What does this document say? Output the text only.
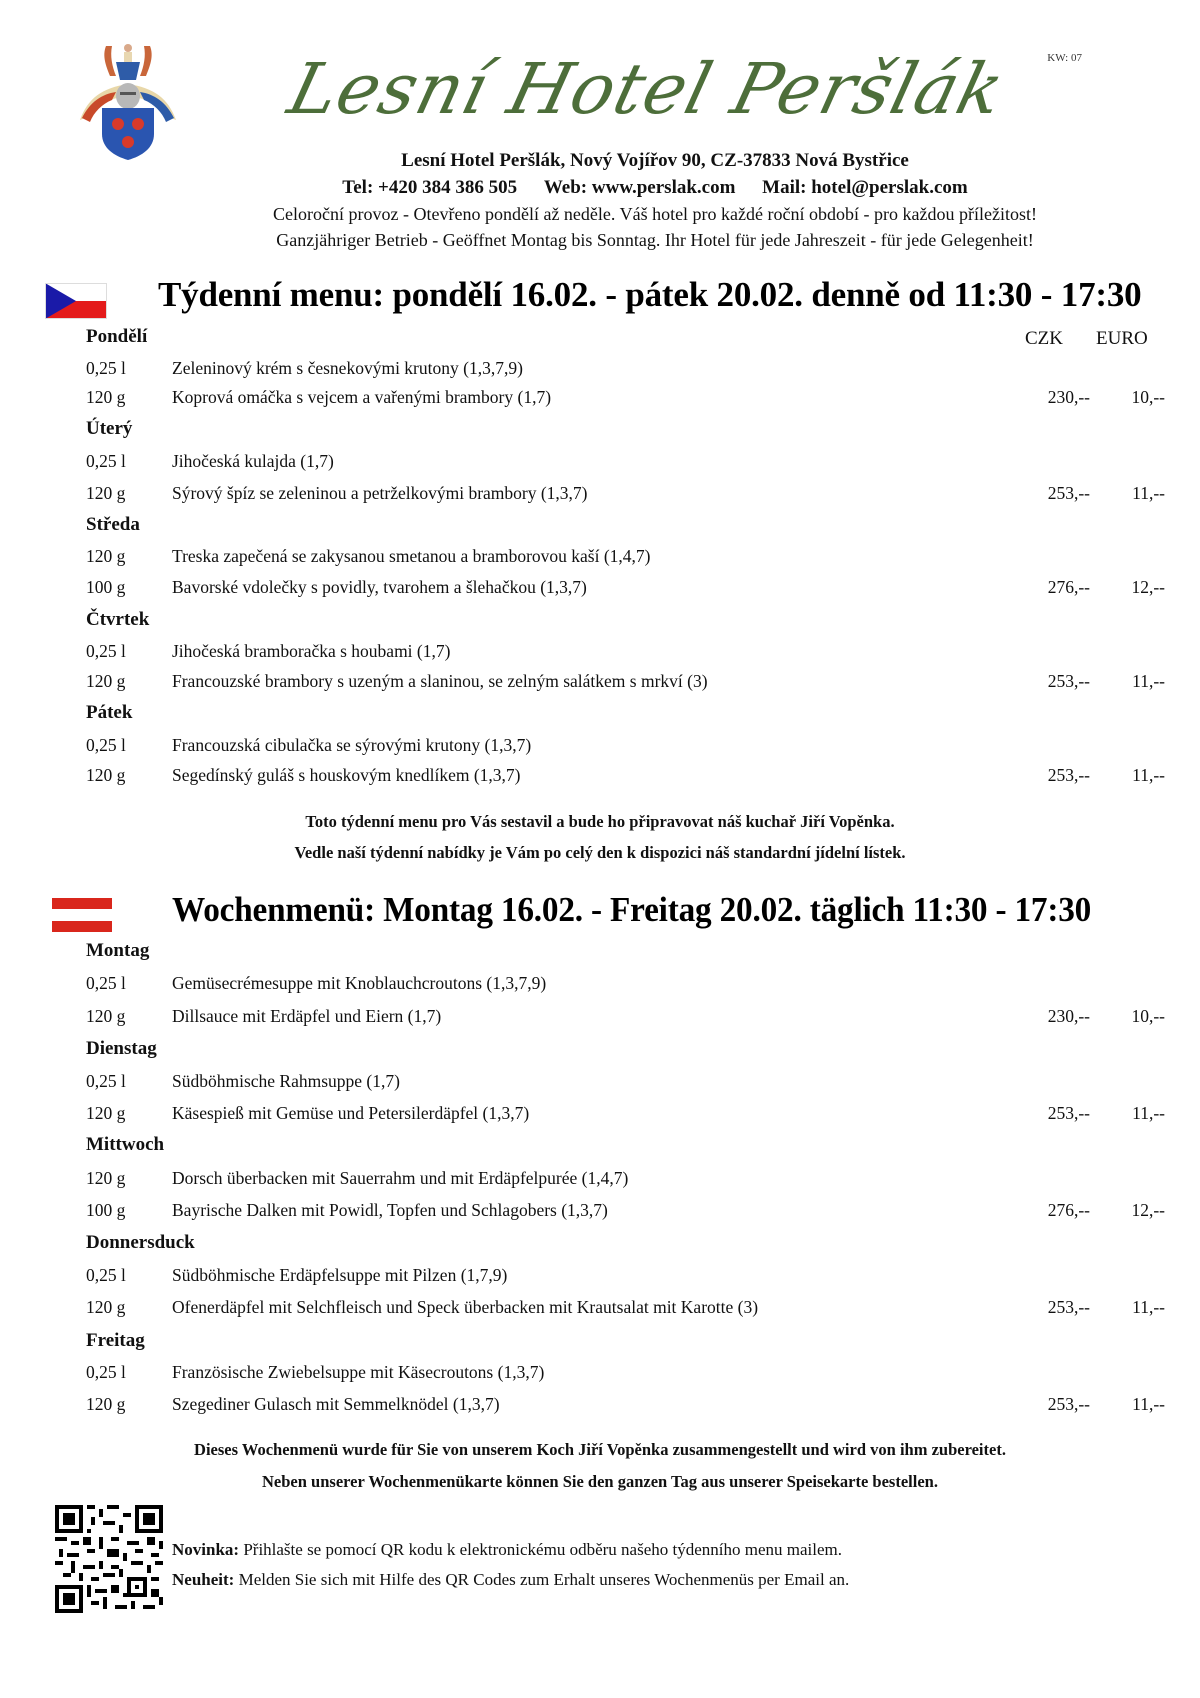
Lesní Hotel Peršlák	KW: 07
Lesní Hotel Peršlák, Nový Vojířov 90, CZ-37833 Nová Bystřice
Tel: +420 384 386 505 Web: www.perslak.com Mail: hotel@perslak.com
Celoroční provoz - Otevřeno pondělí až neděle. Váš hotel pro každé roční období - pro každou příležitost!
Ganzjähriger Betrieb - Geöffnet Montag bis Sonntag. Ihr Hotel für jede Jahreszeit - für jede Gelegenheit!
Týdenní menu: pondělí 16.02. - pátek 20.02. denně od 11:30 - 17:30
CZK EURO
Pondělí
0,25 l	Zeleninový krém s česnekovými krutony (1,3,7,9)
120 g	Koprová omáčka s vejcem a vařenými brambory (1,7)	230,--	10,--
Úterý
0,25 l	Jihočeská kulajda (1,7)
120 g	Sýrový špíz se zeleninou a petrželkovými brambory (1,3,7)	253,--	11,--
Středa
120 g	Treska zapečená se zakysanou smetanou a bramborovou kaší (1,4,7)
100 g	Bavorské vdolečky s povidly, tvarohem a šlehačkou (1,3,7)	276,--	12,--
Čtvrtek
0,25 l	Jihočeská bramboračka s houbami (1,7)
120 g	Francouzské brambory s uzeným a slaninou, se zelným salátkem s mrkví (3)	253,--	11,--
Pátek
0,25 l	Francouzská cibulačka se sýrovými krutony (1,3,7)
120 g	Segedínský guláš s houskovým knedlíkem (1,3,7)	253,--	11,--
Toto týdenní menu pro Vás sestavil a bude ho připravovat náš kuchař Jiří Vopěnka.
Vedle naší týdenní nabídky je Vám po celý den k dispozici náš standardní jídelní lístek.
Wochenmenü: Montag 16.02. - Freitag 20.02. täglich 11:30 - 17:30
Montag
0,25 l	Gemüsecrémesuppe mit Knoblauchcroutons (1,3,7,9)
120 g	Dillsauce mit Erdäpfel und Eiern (1,7)	230,--	10,--
Dienstag
0,25 l	Südböhmische Rahmsuppe (1,7)
120 g	Käsespieß mit Gemüse und Petersilerdäpfel (1,3,7)	253,--	11,--
Mittwoch
120 g	Dorsch überbacken mit Sauerrahm und mit Erdäpfelpurée (1,4,7)
100 g	Bayrische Dalken mit Powidl, Topfen und Schlagobers (1,3,7)	276,--	12,--
Donnersduck
0,25 l	Südböhmische Erdäpfelsuppe mit Pilzen (1,7,9)
120 g	Ofenerdäpfel mit Selchfleisch und Speck überbacken mit Krautsalat mit Karotte (3)	253,--	11,--
Freitag
0,25 l	Französische Zwiebelsuppe mit Käsecroutons (1,3,7)
120 g	Szegediner Gulasch mit Semmelknödel (1,3,7)	253,--	11,--
Dieses Wochenmenü wurde für Sie von unserem Koch Jiří Vopěnka zusammengestellt und wird von ihm zubereitet.
Neben unserer Wochenmenükarte können Sie den ganzen Tag aus unserer Speisekarte bestellen.
Novinka: Přihlašte se pomocí QR kodu k elektronickému odběru našeho týdenního menu mailem.
Neuheit: Melden Sie sich mit Hilfe des QR Codes zum Erhalt unseres Wochenmenüs per Email an.
